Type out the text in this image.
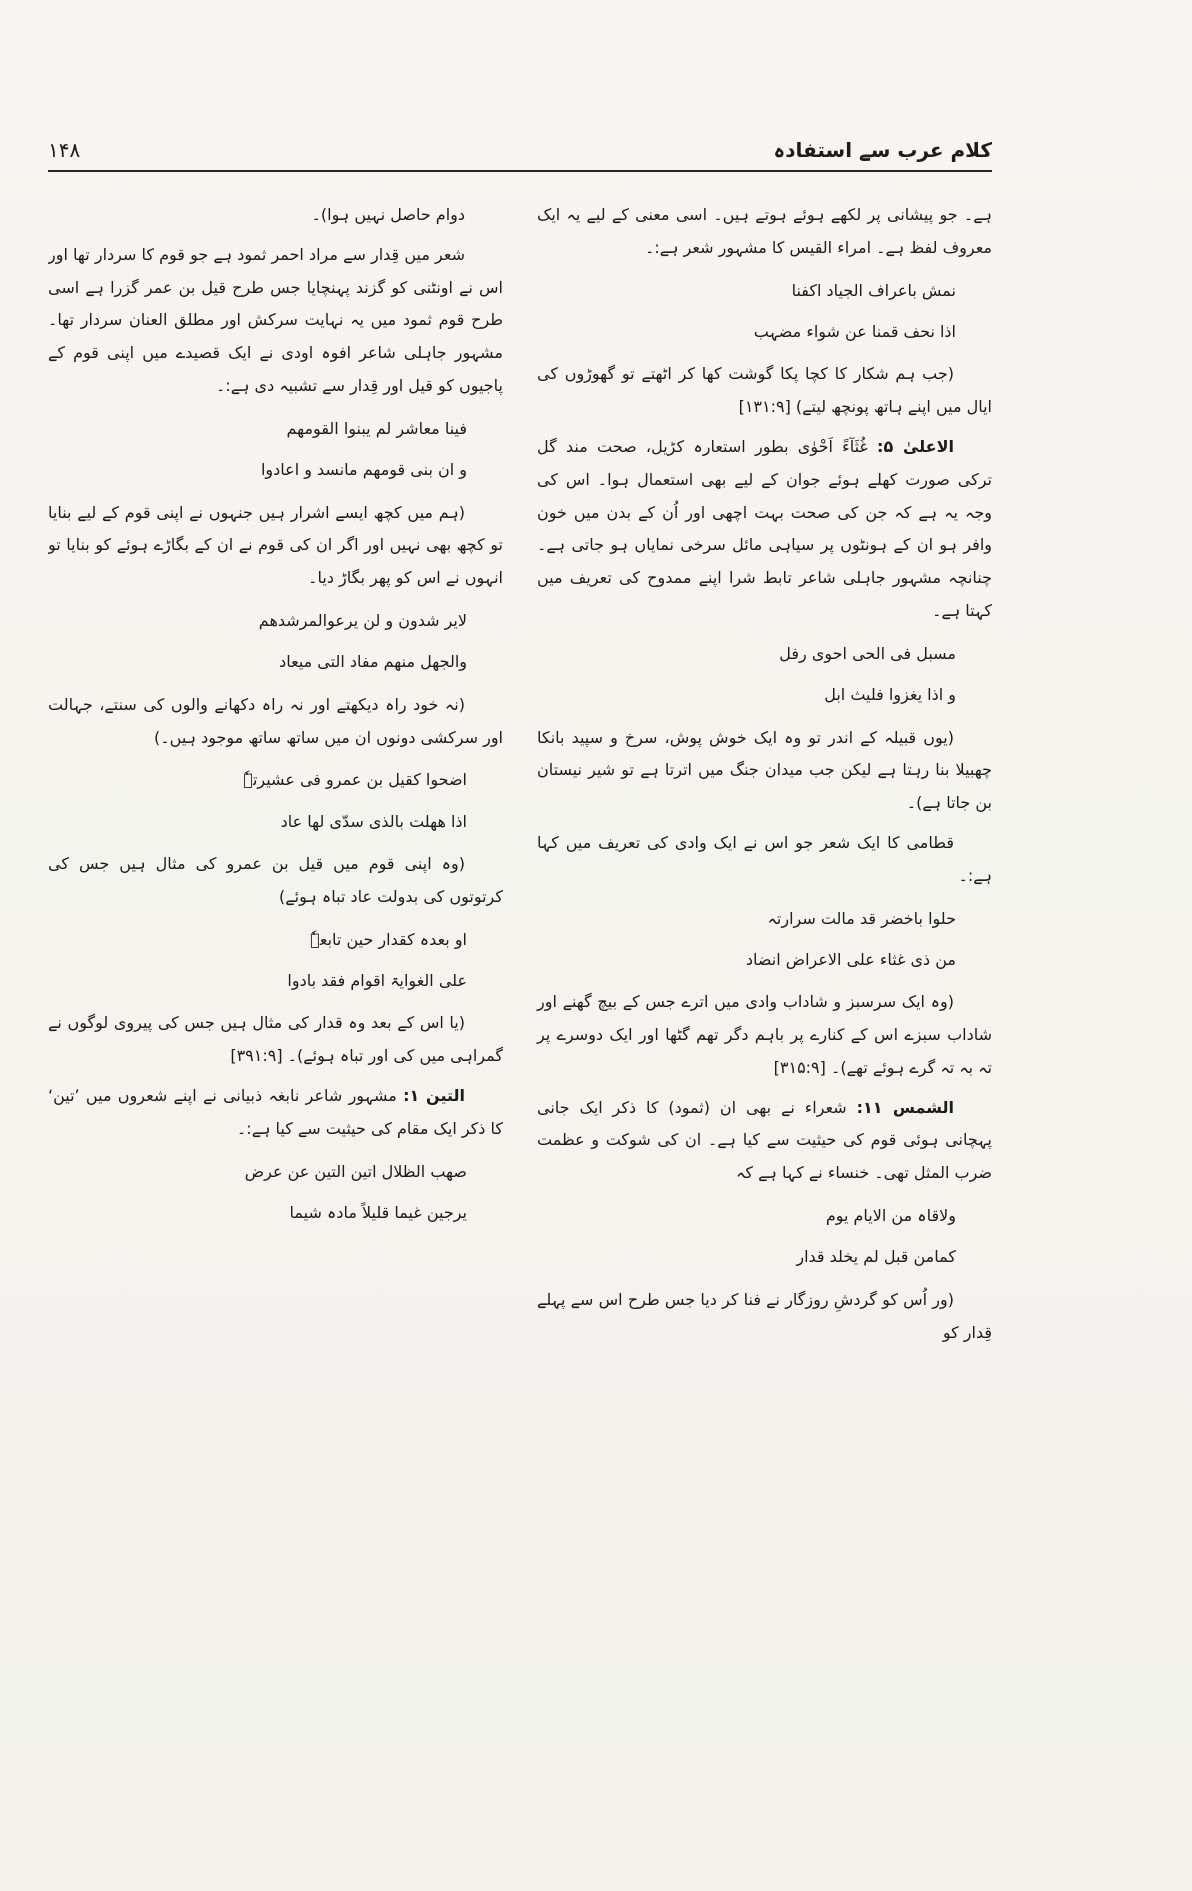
۱۴۸	کلام عرب سے استفادہ

ہے۔ جو پیشانی پر لکھے ہوئے ہوتے ہیں۔ اسی معنی کے لیے یہ ایک معروف لفظ ہے۔ امراء القیس کا مشہور شعر ہے:۔

نمش باعراف الجیاد اکفنا

اذا نحف قمنا عن شواء مضہب

(جب ہم شکار کا کچا پکا گوشت کھا کر اٹھتے تو گھوڑوں کی ایال میں اپنے ہاتھ پونچھ لیتے) [۱۳۱:۹]

الاعلیٰ ۵: غُثَآءً اَحْوٰی بطور استعارہ کڑیل، صحت مند گل ترکی صورت کھلے ہوئے جوان کے لیے بھی استعمال ہوا۔ اس کی وجہ یہ ہے کہ جن کی صحت بہت اچھی اور اُن کے بدن میں خون وافر ہو ان کے ہونٹوں پر سیاہی مائل سرخی نمایاں ہو جاتی ہے۔ چنانچہ مشہور جاہلی شاعر تابط شرا اپنے ممدوح کی تعریف میں کہتا ہے۔

مسبل فی الحی احوی رفل

و اذا یغزوا فلیث ابل

(یوں قبیلہ کے اندر تو وہ ایک خوش پوش، سرخ و سپید بانکا چھبیلا بنا رہتا ہے لیکن جب میدان جنگ میں اترتا ہے تو شیر نیستان بن جاتا ہے)۔

قطامی کا ایک شعر جو اس نے ایک وادی کی تعریف میں کہا ہے:۔

حلوا باخضر قد مالت سرارتہ

من ذی غثاء علی الاعراض انضاد

(وہ ایک سرسبز و شاداب وادی میں اترے جس کے بیچ گھنے اور شاداب سبزے اس کے کنارے پر باہم دگر تھم گٹھا اور ایک دوسرے پر تہ بہ تہ گرے ہوئے تھے)۔ [۳۱۵:۹]

الشمس ۱۱: شعراء نے بھی ان (ثمود) کا ذکر ایک جانی پہچانی ہوئی قوم کی حیثیت سے کیا ہے۔ ان کی شوکت و عظمت ضرب المثل تھی۔ خنساء نے کہا ہے کہ

ولاقاہ من الایام یوم

کمامن قبل لم یخلد قدار

(ور اُس کو گردشِ روزگار نے فنا کر دیا جس طرح اس سے پہلے قِدار کو

دوام حاصل نہیں ہوا)۔

شعر میں قِدار سے مراد احمر ثمود ہے جو قوم کا سردار تھا اور اس نے اونٹنی کو گزند پہنچایا جس طرح قیل بن عمر گزرا ہے اسی طرح قوم ثمود میں یہ نہایت سرکش اور مطلق العنان سردار تھا۔ مشہور جاہلی شاعر افوہ اودی نے ایک قصیدے میں اپنی قوم کے پاجیوں کو قیل اور قِدار سے تشبیہ دی ہے:۔

فینا معاشر لم یبنوا القومھم

و ان بنی قومھم مانسد و اعادوا

(ہم میں کچھ ایسے اشرار ہیں جنہوں نے اپنی قوم کے لیے بنایا تو کچھ بھی نہیں اور اگر ان کی قوم نے ان کے بگاڑے ہوئے کو بنایا تو انہوں نے اس کو پھر بگاڑ دیا۔

لایر شدون و لن یرعوالمرشدھم

والجھل منھم مفاد التی میعاد

(نہ خود راہ دیکھتے اور نہ راہ دکھانے والوں کی سنتے، جہالت اور سرکشی دونوں ان میں ساتھ ساتھ موجود ہیں۔)

اضحوا کقیل بن عمرو فی عشیرتہٗ

اذا ھھلت بالذی سدّی لھا عاد

(وہ اپنی قوم میں قیل بن عمرو کی مثال ہیں جس کی کرتوتوں کی بدولت عاد تباہ ہوئے)

او بعدہ کقدار حین تابعہٗ

علی الغوایۃ اقوام فقد بادوا

(یا اس کے بعد وہ قدار کی مثال ہیں جس کی پیروی لوگوں نے گمراہی میں کی اور تباہ ہوئے)۔ [۳۹۱:۹]

التین ۱: مشہور شاعر نابغہ ذبیانی نے اپنے شعروں میں ’تین‘ کا ذکر ایک مقام کی حیثیت سے کیا ہے:۔

صھب الظلال اتین التین عن عرض

یرجین غیما قلیلاً مادہ شیما
